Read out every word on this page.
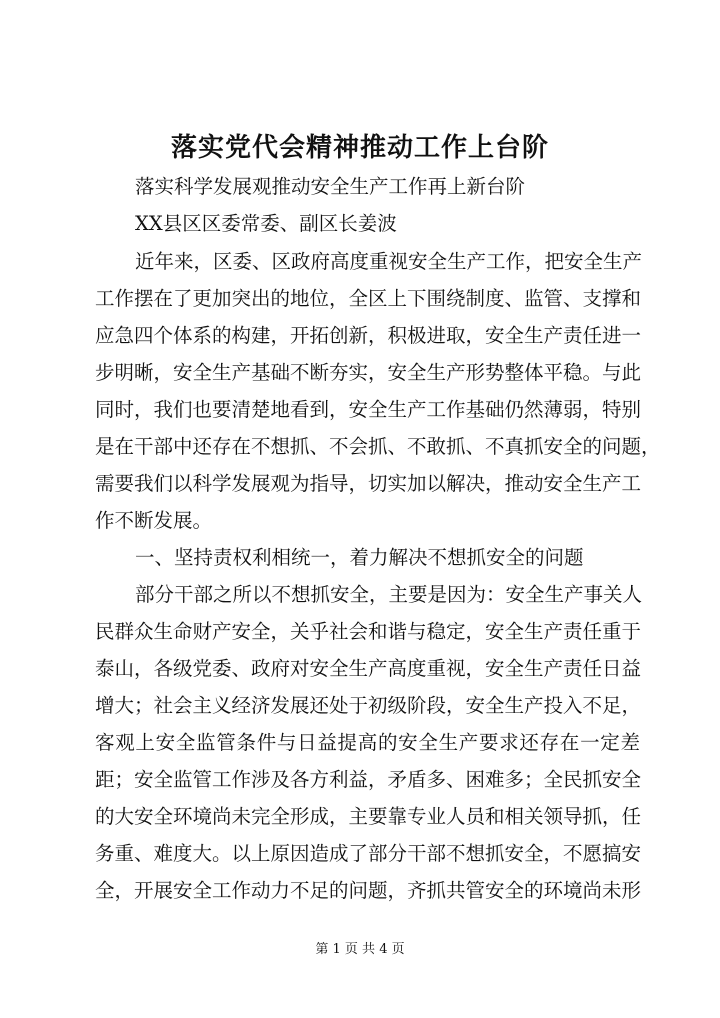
落实党代会精神推动工作上台阶
落实科学发展观推动安全生产工作再上新台阶
XX县区区委常委、副区长姜波
近年来，区委、区政府高度重视安全生产工作，把安全生产
工作摆在了更加突出的地位，全区上下围绕制度、监管、支撑和
应急四个体系的构建，开拓创新，积极进取，安全生产责任进一
步明晰，安全生产基础不断夯实，安全生产形势整体平稳。与此
同时，我们也要清楚地看到，安全生产工作基础仍然薄弱，特别
是在干部中还存在不想抓、不会抓、不敢抓、不真抓安全的问题，
需要我们以科学发展观为指导，切实加以解决，推动安全生产工
作不断发展。
一、坚持责权利相统一，着力解决不想抓安全的问题
部分干部之所以不想抓安全，主要是因为：安全生产事关人
民群众生命财产安全，关乎社会和谐与稳定，安全生产责任重于
泰山，各级党委、政府对安全生产高度重视，安全生产责任日益
增大；社会主义经济发展还处于初级阶段，安全生产投入不足，
客观上安全监管条件与日益提高的安全生产要求还存在一定差
距；安全监管工作涉及各方利益，矛盾多、困难多；全民抓安全
的大安全环境尚未完全形成，主要靠专业人员和相关领导抓，任
务重、难度大。以上原因造成了部分干部不想抓安全，不愿搞安
全，开展安全工作动力不足的问题，齐抓共管安全的环境尚未形
第 1 页 共 4 页
